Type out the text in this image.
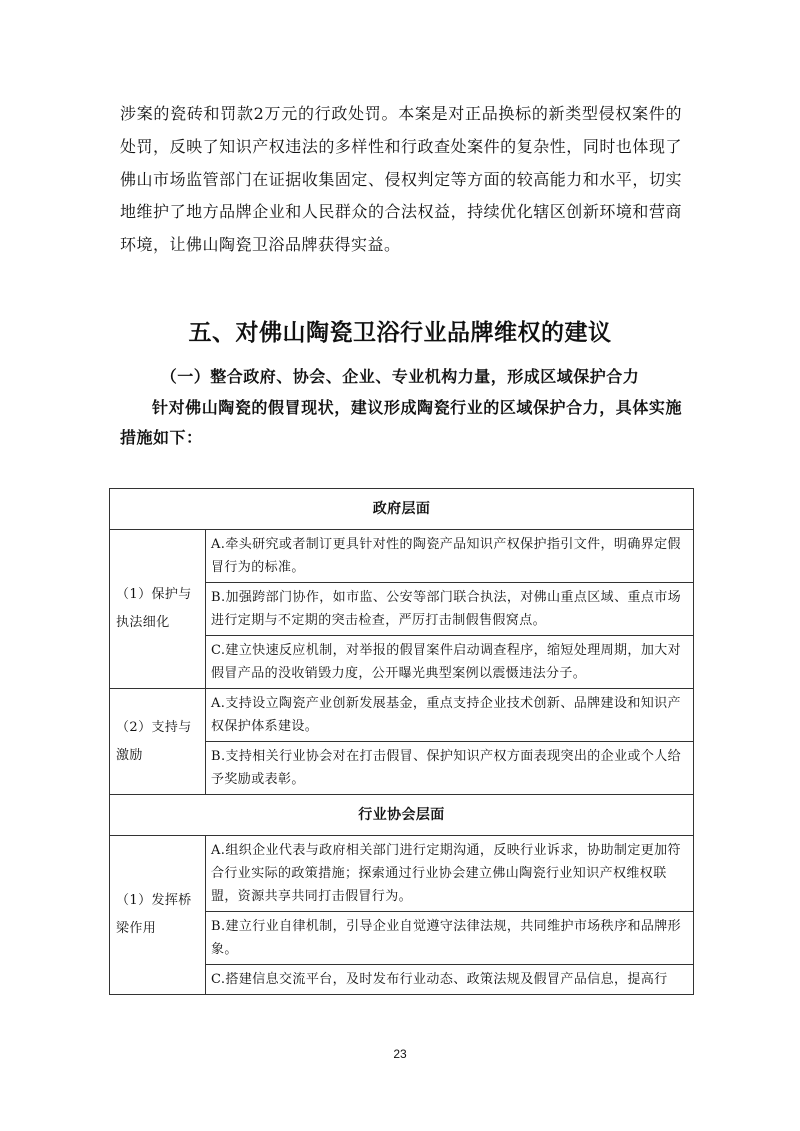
涉案的瓷砖和罚款2万元的行政处罚。本案是对正品换标的新类型侵权案件的处罚，反映了知识产权违法的多样性和行政查处案件的复杂性，同时也体现了佛山市场监管部门在证据收集固定、侵权判定等方面的较高能力和水平，切实地维护了地方品牌企业和人民群众的合法权益，持续优化辖区创新环境和营商环境，让佛山陶瓷卫浴品牌获得实益。

五、对佛山陶瓷卫浴行业品牌维权的建议
（一）整合政府、协会、企业、专业机构力量，形成区域保护合力

针对佛山陶瓷的假冒现状，建议形成陶瓷行业的区域保护合力，具体实施措施如下：

政府层面	
（1）保护与执法细化	A.牵头研究或者制订更具针对性的陶瓷产品知识产权保护指引文件，明确界定假冒行为的标准。
	B.加强跨部门协作，如市监、公安等部门联合执法，对佛山重点区域、重点市场进行定期与不定期的突击检查，严厉打击制假售假窝点。
	C.建立快速反应机制，对举报的假冒案件启动调查程序，缩短处理周期，加大对假冒产品的没收销毁力度，公开曝光典型案例以震慑违法分子。
（2）支持与激励	A.支持设立陶瓷产业创新发展基金，重点支持企业技术创新、品牌建设和知识产权保护体系建设。
	B.支持相关行业协会对在打击假冒、保护知识产权方面表现突出的企业或个人给予奖励或表彰。
行业协会层面	
（1）发挥桥梁作用	A.组织企业代表与政府相关部门进行定期沟通，反映行业诉求，协助制定更加符合行业实际的政策措施；探索通过行业协会建立佛山陶瓷行业知识产权维权联盟，资源共享共同打击假冒行为。
	B.建立行业自律机制，引导企业自觉遵守法律法规，共同维护市场秩序和品牌形象。
	C.搭建信息交流平台，及时发布行业动态、政策法规及假冒产品信息，提高行

23
